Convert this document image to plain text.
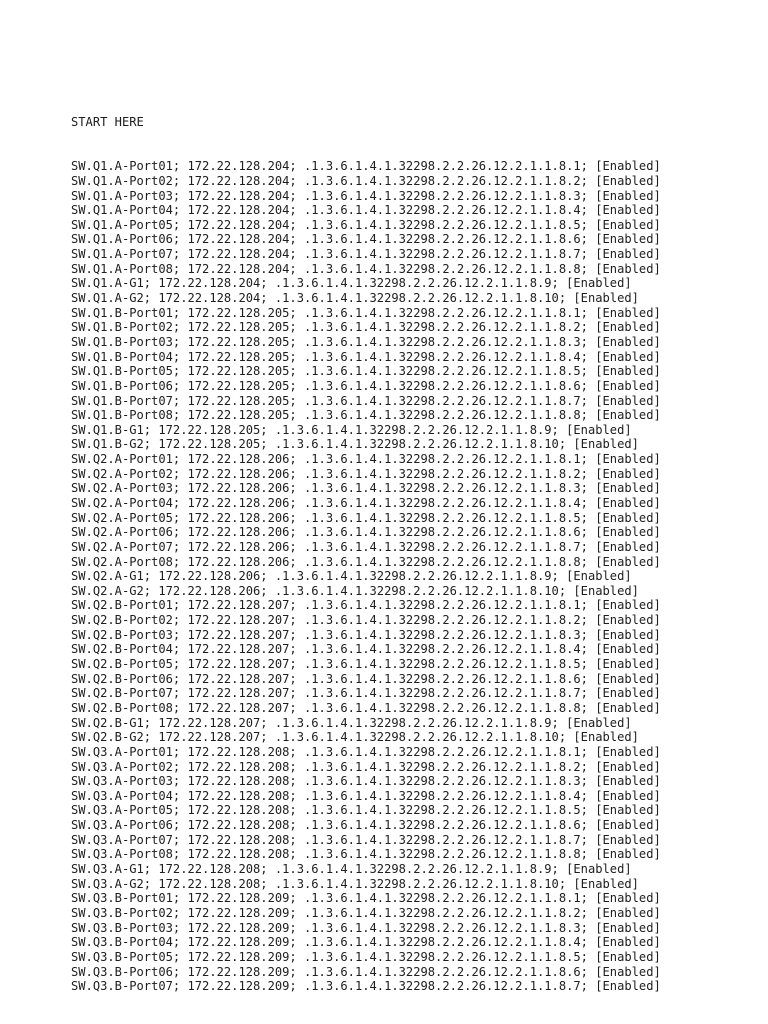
START HERE

SW.Q1.A-Port01; 172.22.128.204; .1.3.6.1.4.1.32298.2.2.26.12.2.1.1.8.1; [Enabled]
SW.Q1.A-Port02; 172.22.128.204; .1.3.6.1.4.1.32298.2.2.26.12.2.1.1.8.2; [Enabled]
SW.Q1.A-Port03; 172.22.128.204; .1.3.6.1.4.1.32298.2.2.26.12.2.1.1.8.3; [Enabled]
SW.Q1.A-Port04; 172.22.128.204; .1.3.6.1.4.1.32298.2.2.26.12.2.1.1.8.4; [Enabled]
SW.Q1.A-Port05; 172.22.128.204; .1.3.6.1.4.1.32298.2.2.26.12.2.1.1.8.5; [Enabled]
SW.Q1.A-Port06; 172.22.128.204; .1.3.6.1.4.1.32298.2.2.26.12.2.1.1.8.6; [Enabled]
SW.Q1.A-Port07; 172.22.128.204; .1.3.6.1.4.1.32298.2.2.26.12.2.1.1.8.7; [Enabled]
SW.Q1.A-Port08; 172.22.128.204; .1.3.6.1.4.1.32298.2.2.26.12.2.1.1.8.8; [Enabled]
SW.Q1.A-G1; 172.22.128.204; .1.3.6.1.4.1.32298.2.2.26.12.2.1.1.8.9; [Enabled]
SW.Q1.A-G2; 172.22.128.204; .1.3.6.1.4.1.32298.2.2.26.12.2.1.1.8.10; [Enabled]
SW.Q1.B-Port01; 172.22.128.205; .1.3.6.1.4.1.32298.2.2.26.12.2.1.1.8.1; [Enabled]
SW.Q1.B-Port02; 172.22.128.205; .1.3.6.1.4.1.32298.2.2.26.12.2.1.1.8.2; [Enabled]
SW.Q1.B-Port03; 172.22.128.205; .1.3.6.1.4.1.32298.2.2.26.12.2.1.1.8.3; [Enabled]
SW.Q1.B-Port04; 172.22.128.205; .1.3.6.1.4.1.32298.2.2.26.12.2.1.1.8.4; [Enabled]
SW.Q1.B-Port05; 172.22.128.205; .1.3.6.1.4.1.32298.2.2.26.12.2.1.1.8.5; [Enabled]
SW.Q1.B-Port06; 172.22.128.205; .1.3.6.1.4.1.32298.2.2.26.12.2.1.1.8.6; [Enabled]
SW.Q1.B-Port07; 172.22.128.205; .1.3.6.1.4.1.32298.2.2.26.12.2.1.1.8.7; [Enabled]
SW.Q1.B-Port08; 172.22.128.205; .1.3.6.1.4.1.32298.2.2.26.12.2.1.1.8.8; [Enabled]
SW.Q1.B-G1; 172.22.128.205; .1.3.6.1.4.1.32298.2.2.26.12.2.1.1.8.9; [Enabled]
SW.Q1.B-G2; 172.22.128.205; .1.3.6.1.4.1.32298.2.2.26.12.2.1.1.8.10; [Enabled]
SW.Q2.A-Port01; 172.22.128.206; .1.3.6.1.4.1.32298.2.2.26.12.2.1.1.8.1; [Enabled]
SW.Q2.A-Port02; 172.22.128.206; .1.3.6.1.4.1.32298.2.2.26.12.2.1.1.8.2; [Enabled]
SW.Q2.A-Port03; 172.22.128.206; .1.3.6.1.4.1.32298.2.2.26.12.2.1.1.8.3; [Enabled]
SW.Q2.A-Port04; 172.22.128.206; .1.3.6.1.4.1.32298.2.2.26.12.2.1.1.8.4; [Enabled]
SW.Q2.A-Port05; 172.22.128.206; .1.3.6.1.4.1.32298.2.2.26.12.2.1.1.8.5; [Enabled]
SW.Q2.A-Port06; 172.22.128.206; .1.3.6.1.4.1.32298.2.2.26.12.2.1.1.8.6; [Enabled]
SW.Q2.A-Port07; 172.22.128.206; .1.3.6.1.4.1.32298.2.2.26.12.2.1.1.8.7; [Enabled]
SW.Q2.A-Port08; 172.22.128.206; .1.3.6.1.4.1.32298.2.2.26.12.2.1.1.8.8; [Enabled]
SW.Q2.A-G1; 172.22.128.206; .1.3.6.1.4.1.32298.2.2.26.12.2.1.1.8.9; [Enabled]
SW.Q2.A-G2; 172.22.128.206; .1.3.6.1.4.1.32298.2.2.26.12.2.1.1.8.10; [Enabled]
SW.Q2.B-Port01; 172.22.128.207; .1.3.6.1.4.1.32298.2.2.26.12.2.1.1.8.1; [Enabled]
SW.Q2.B-Port02; 172.22.128.207; .1.3.6.1.4.1.32298.2.2.26.12.2.1.1.8.2; [Enabled]
SW.Q2.B-Port03; 172.22.128.207; .1.3.6.1.4.1.32298.2.2.26.12.2.1.1.8.3; [Enabled]
SW.Q2.B-Port04; 172.22.128.207; .1.3.6.1.4.1.32298.2.2.26.12.2.1.1.8.4; [Enabled]
SW.Q2.B-Port05; 172.22.128.207; .1.3.6.1.4.1.32298.2.2.26.12.2.1.1.8.5; [Enabled]
SW.Q2.B-Port06; 172.22.128.207; .1.3.6.1.4.1.32298.2.2.26.12.2.1.1.8.6; [Enabled]
SW.Q2.B-Port07; 172.22.128.207; .1.3.6.1.4.1.32298.2.2.26.12.2.1.1.8.7; [Enabled]
SW.Q2.B-Port08; 172.22.128.207; .1.3.6.1.4.1.32298.2.2.26.12.2.1.1.8.8; [Enabled]
SW.Q2.B-G1; 172.22.128.207; .1.3.6.1.4.1.32298.2.2.26.12.2.1.1.8.9; [Enabled]
SW.Q2.B-G2; 172.22.128.207; .1.3.6.1.4.1.32298.2.2.26.12.2.1.1.8.10; [Enabled]
SW.Q3.A-Port01; 172.22.128.208; .1.3.6.1.4.1.32298.2.2.26.12.2.1.1.8.1; [Enabled]
SW.Q3.A-Port02; 172.22.128.208; .1.3.6.1.4.1.32298.2.2.26.12.2.1.1.8.2; [Enabled]
SW.Q3.A-Port03; 172.22.128.208; .1.3.6.1.4.1.32298.2.2.26.12.2.1.1.8.3; [Enabled]
SW.Q3.A-Port04; 172.22.128.208; .1.3.6.1.4.1.32298.2.2.26.12.2.1.1.8.4; [Enabled]
SW.Q3.A-Port05; 172.22.128.208; .1.3.6.1.4.1.32298.2.2.26.12.2.1.1.8.5; [Enabled]
SW.Q3.A-Port06; 172.22.128.208; .1.3.6.1.4.1.32298.2.2.26.12.2.1.1.8.6; [Enabled]
SW.Q3.A-Port07; 172.22.128.208; .1.3.6.1.4.1.32298.2.2.26.12.2.1.1.8.7; [Enabled]
SW.Q3.A-Port08; 172.22.128.208; .1.3.6.1.4.1.32298.2.2.26.12.2.1.1.8.8; [Enabled]
SW.Q3.A-G1; 172.22.128.208; .1.3.6.1.4.1.32298.2.2.26.12.2.1.1.8.9; [Enabled]
SW.Q3.A-G2; 172.22.128.208; .1.3.6.1.4.1.32298.2.2.26.12.2.1.1.8.10; [Enabled]
SW.Q3.B-Port01; 172.22.128.209; .1.3.6.1.4.1.32298.2.2.26.12.2.1.1.8.1; [Enabled]
SW.Q3.B-Port02; 172.22.128.209; .1.3.6.1.4.1.32298.2.2.26.12.2.1.1.8.2; [Enabled]
SW.Q3.B-Port03; 172.22.128.209; .1.3.6.1.4.1.32298.2.2.26.12.2.1.1.8.3; [Enabled]
SW.Q3.B-Port04; 172.22.128.209; .1.3.6.1.4.1.32298.2.2.26.12.2.1.1.8.4; [Enabled]
SW.Q3.B-Port05; 172.22.128.209; .1.3.6.1.4.1.32298.2.2.26.12.2.1.1.8.5; [Enabled]
SW.Q3.B-Port06; 172.22.128.209; .1.3.6.1.4.1.32298.2.2.26.12.2.1.1.8.6; [Enabled]
SW.Q3.B-Port07; 172.22.128.209; .1.3.6.1.4.1.32298.2.2.26.12.2.1.1.8.7; [Enabled]
